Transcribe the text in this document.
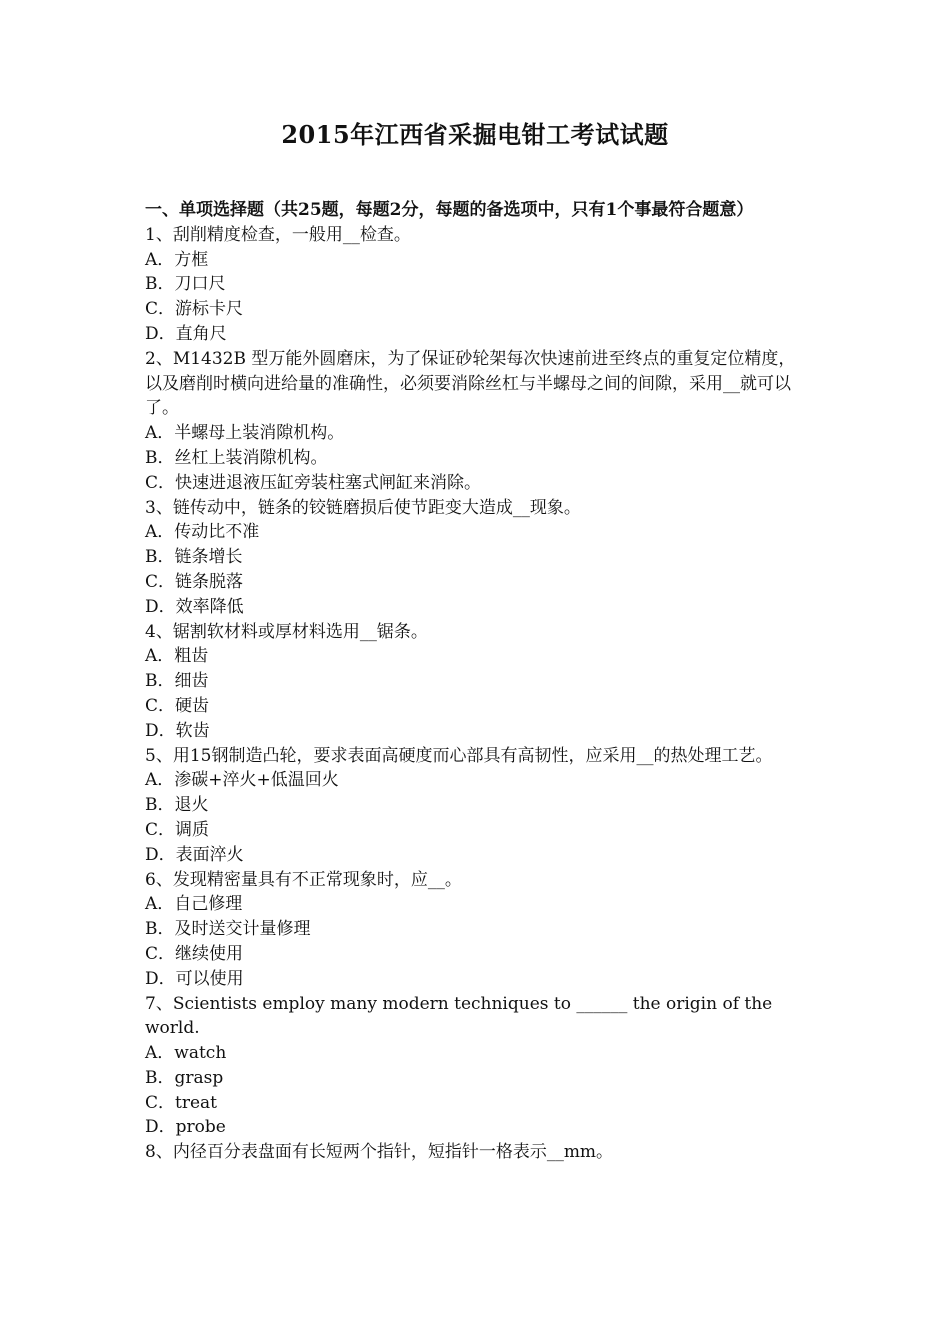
2015年江西省采掘电钳工考试试题
一、单项选择题（共25题，每题2分，每题的备选项中，只有1个事最符合题意）
1、刮削精度检查，一般用__检查。
A．方框
B．刀口尺
C．游标卡尺
D．直角尺
2、M1432B 型万能外圆磨床，为了保证砂轮架每次快速前进至终点的重复定位精度，以及磨削时横向进给量的准确性，必须要消除丝杠与半螺母之间的间隙，采用__就可以了。
A．半螺母上装消隙机构。
B．丝杠上装消隙机构。
C．快速进退液压缸旁装柱塞式闸缸来消除。
3、链传动中，链条的铰链磨损后使节距变大造成__现象。
A．传动比不准
B．链条增长
C．链条脱落
D．效率降低
4、锯割软材料或厚材料选用__锯条。
A．粗齿
B．细齿
C．硬齿
D．软齿
5、用15钢制造凸轮，要求表面高硬度而心部具有高韧性，应采用__的热处理工艺。
A．渗碳+淬火+低温回火
B．退火
C．调质
D．表面淬火
6、发现精密量具有不正常现象时，应__。
A．自己修理
B．及时送交计量修理
C．继续使用
D．可以使用
7、Scientists employ many modern techniques to ______ the origin of the world.
A．watch
B．grasp
C．treat
D．probe
8、内径百分表盘面有长短两个指针，短指针一格表示__mm。
